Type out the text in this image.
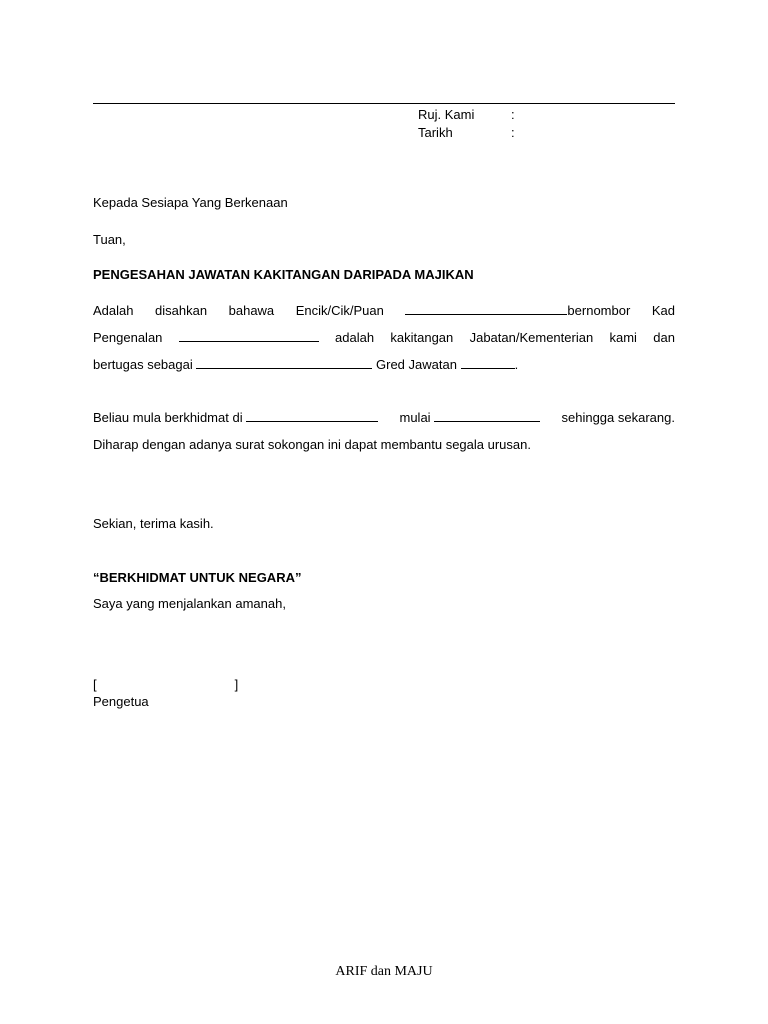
Ruj. Kami	:
Tarikh	:
Kepada Sesiapa Yang Berkenaan
Tuan,
PENGESAHAN JAWATAN KAKITANGAN DARIPADA MAJIKAN
Adalah disahkan bahawa Encik/Cik/Puan	bernombor Kad
Pengenalan	adalah kakitangan Jabatan/Kementerian kami dan
bertugas sebagai	Gred Jawatan	.
Beliau mula berkhidmat di	mulai	sehingga sekarang.
Diharap dengan adanya surat sokongan ini dapat membantu segala urusan.
Sekian, terima kasih.
“BERKHIDMAT UNTUK NEGARA”
Saya yang menjalankan amanah,
[	]
Pengetua
ARIF dan MAJU
